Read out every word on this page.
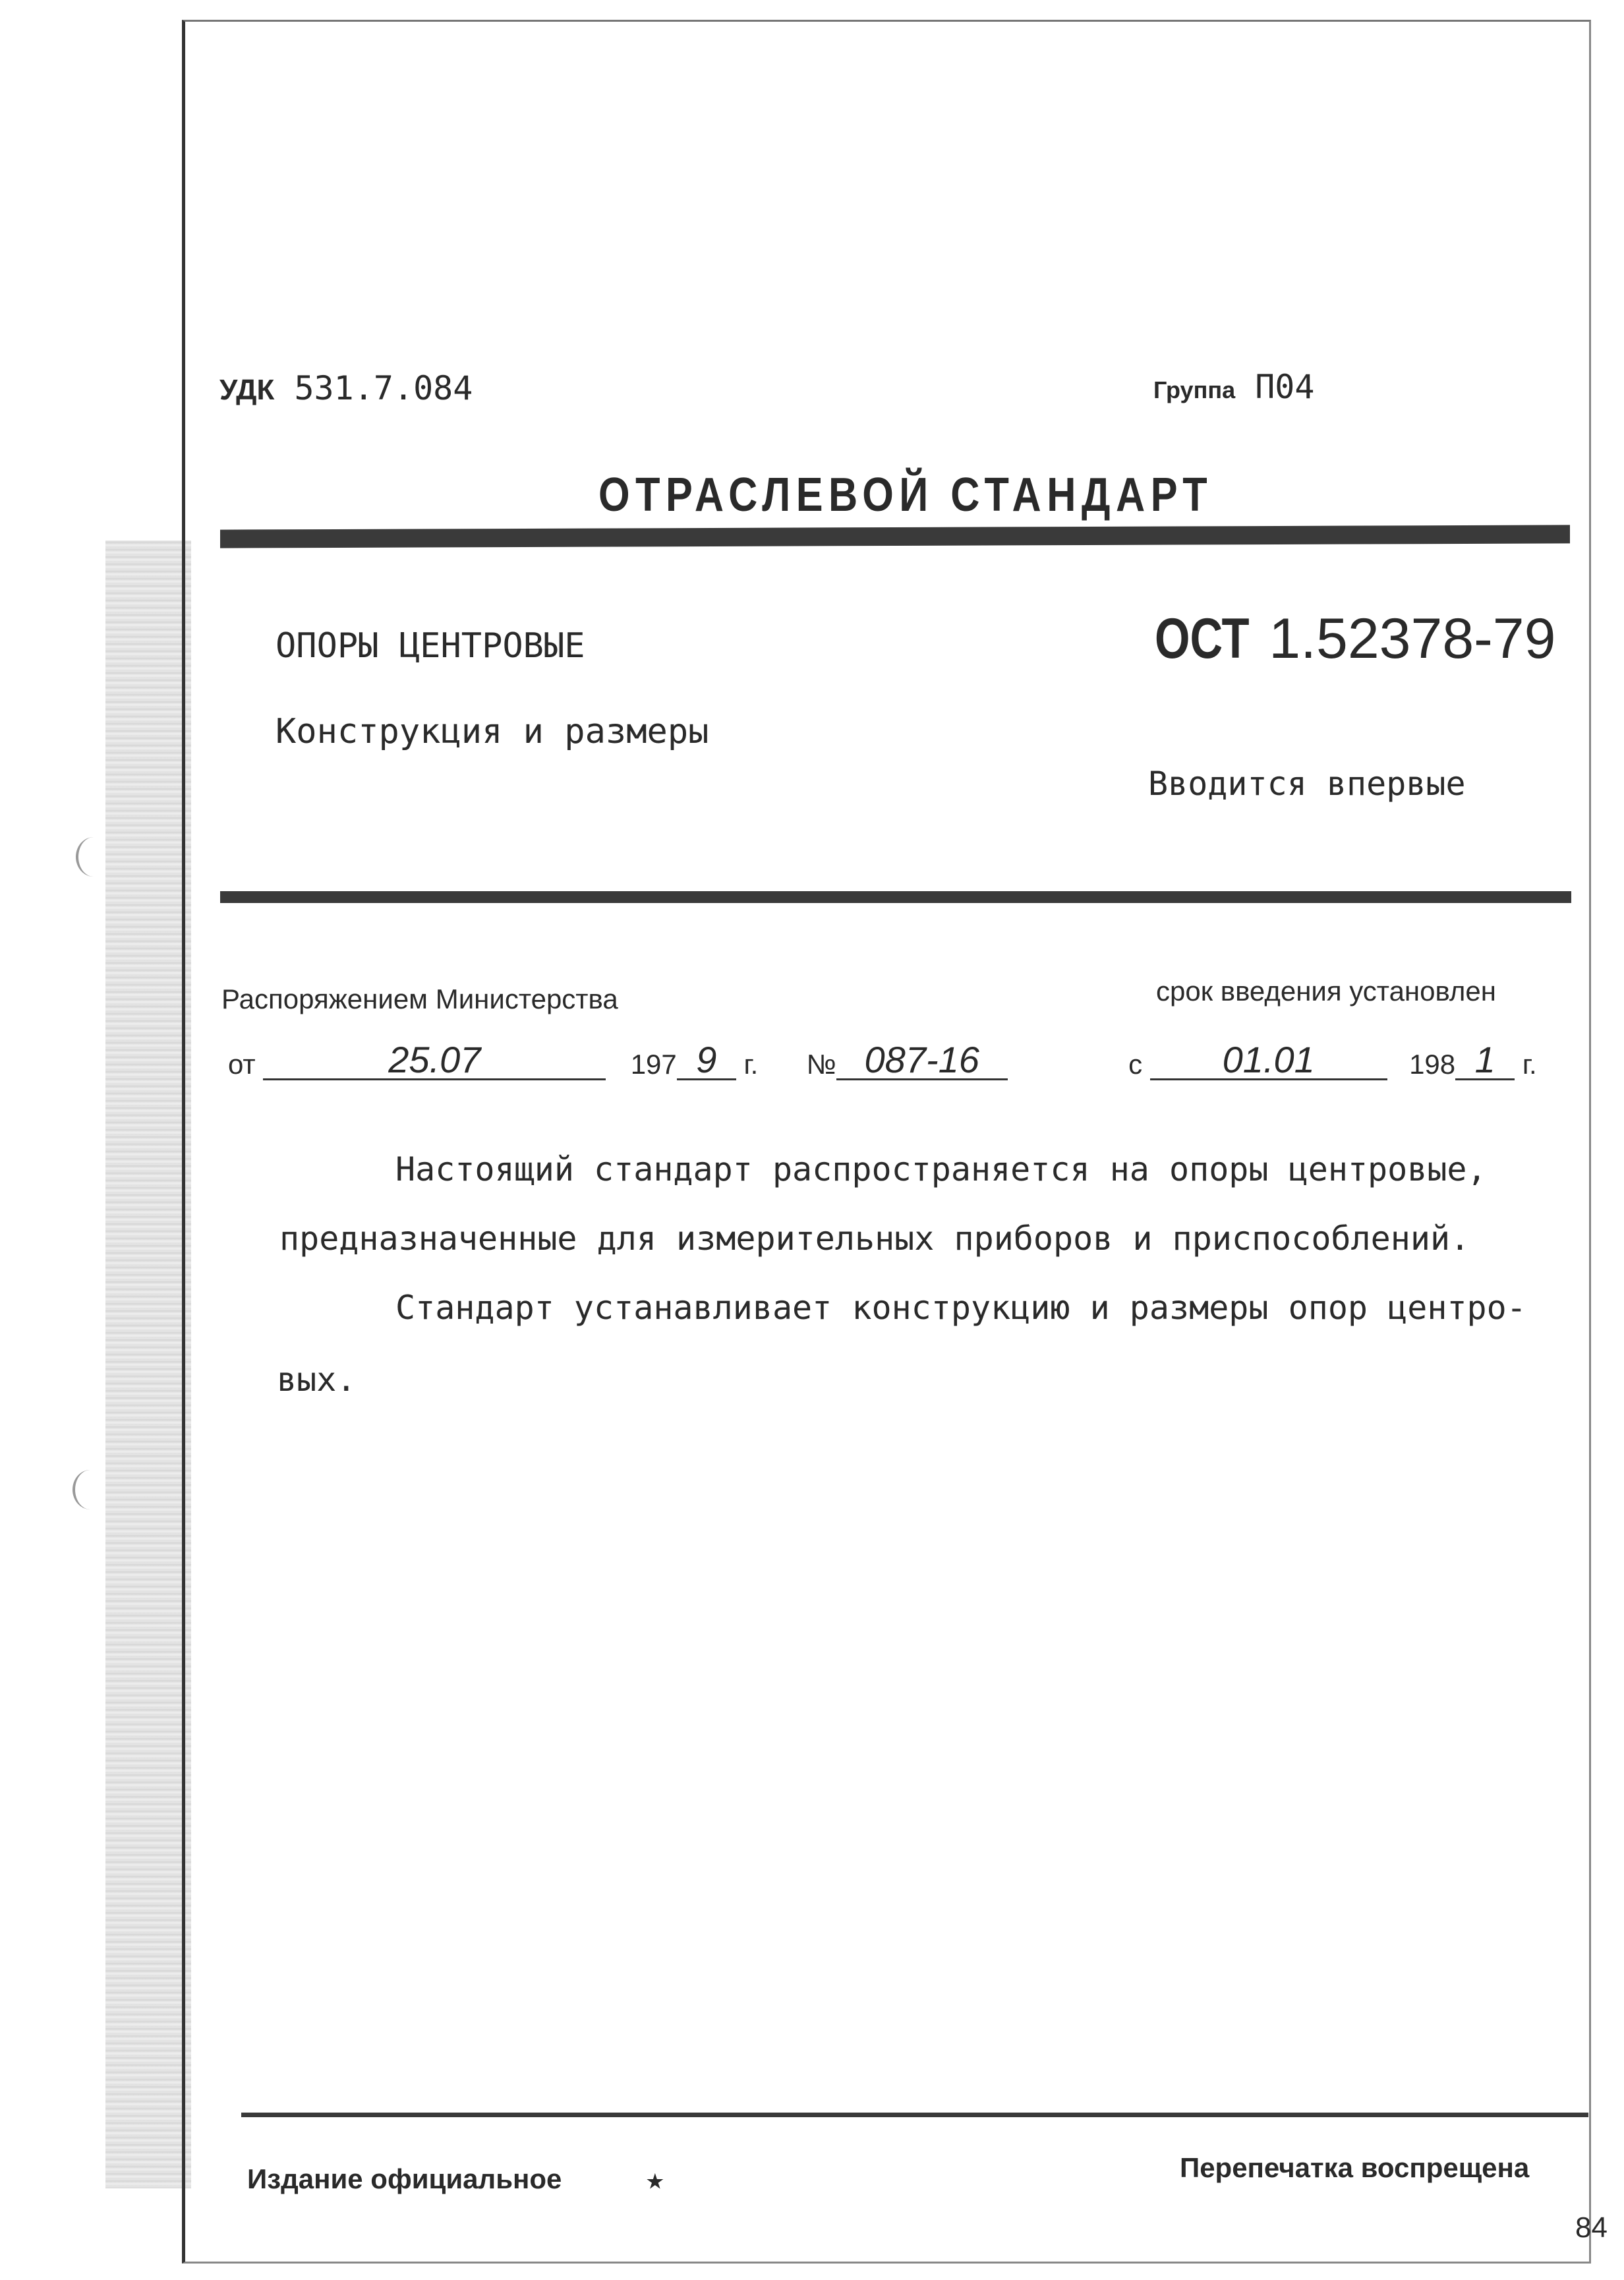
УДК 531.7.084	Группа П04
ОТРАСЛЕВОЙ СТАНДАРТ
ОПОРЫ ЦЕНТРОВЫЕ
Конструкция и размеры
ОСТ 1.52378-79
Вводится впервые
Распоряжением Министерства	срок введения установлен
от	25.07	197 9 г. № 087-16	с 01.01	198 1 г.
Настоящий стандарт распространяется на опоры центровые,
предназначенные для измерительных приборов и приспособлений.
Стандарт устанавливает конструкцию и размеры опор центро-
вых.
Издание официальное	★	Перепечатка воспрещена
84
